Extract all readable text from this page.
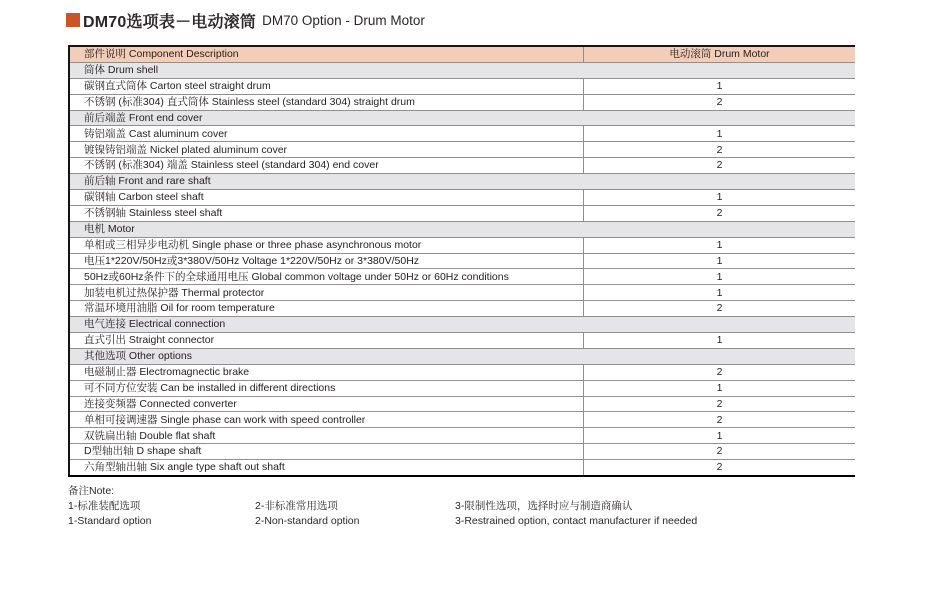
DM70选项表－电动滚筒 DM70 Option - Drum Motor
部件说明 Component Description	电动滚筒 Drum Motor
筒体 Drum shell	
碳钢直式筒体 Carton steel straight drum	1
不锈钢 (标准304) 直式筒体 Stainless steel (standard 304) straight drum	2
前后端盖 Front end cover	
铸铝端盖 Cast aluminum cover	1
镀镍铸铝端盖 Nickel plated aluminum cover	2
不锈钢 (标准304) 端盖 Stainless steel (standard 304) end cover	2
前后轴 Front and rare shaft	
碳钢轴 Carbon steel shaft	1
不锈钢轴 Stainless steel shaft	2
电机 Motor	
单相或三相异步电动机 Single phase or three phase asynchronous motor	1
电压1*220V/50Hz或3*380V/50Hz Voltage 1*220V/50Hz or 3*380V/50Hz	1
50Hz或60Hz条件下的全球通用电压 Global common voltage under 50Hz or 60Hz conditions	1
加装电机过热保护器 Thermal protector	1
常温环境用油脂 Oil for room temperature	2
电气连接 Electrical connection	
直式引出 Straight connector	1
其他选项 Other options	
电磁制止器 Electromagnectic brake	2
可不同方位安装 Can be installed in different directions	1
连接变频器 Connected converter	2
单相可接调速器 Single phase can work with speed controller	2
双铣扁出轴 Double flat shaft	1
D型轴出轴 D shape shaft	2
六角型轴出轴 Six angle type shaft out shaft	2
备注Note:
1-标准装配选项
1-Standard option
2-非标准常用选项
2-Non-standard option
3-限制性选项，选择时应与制造商确认
3-Restrained option, contact manufacturer if needed
